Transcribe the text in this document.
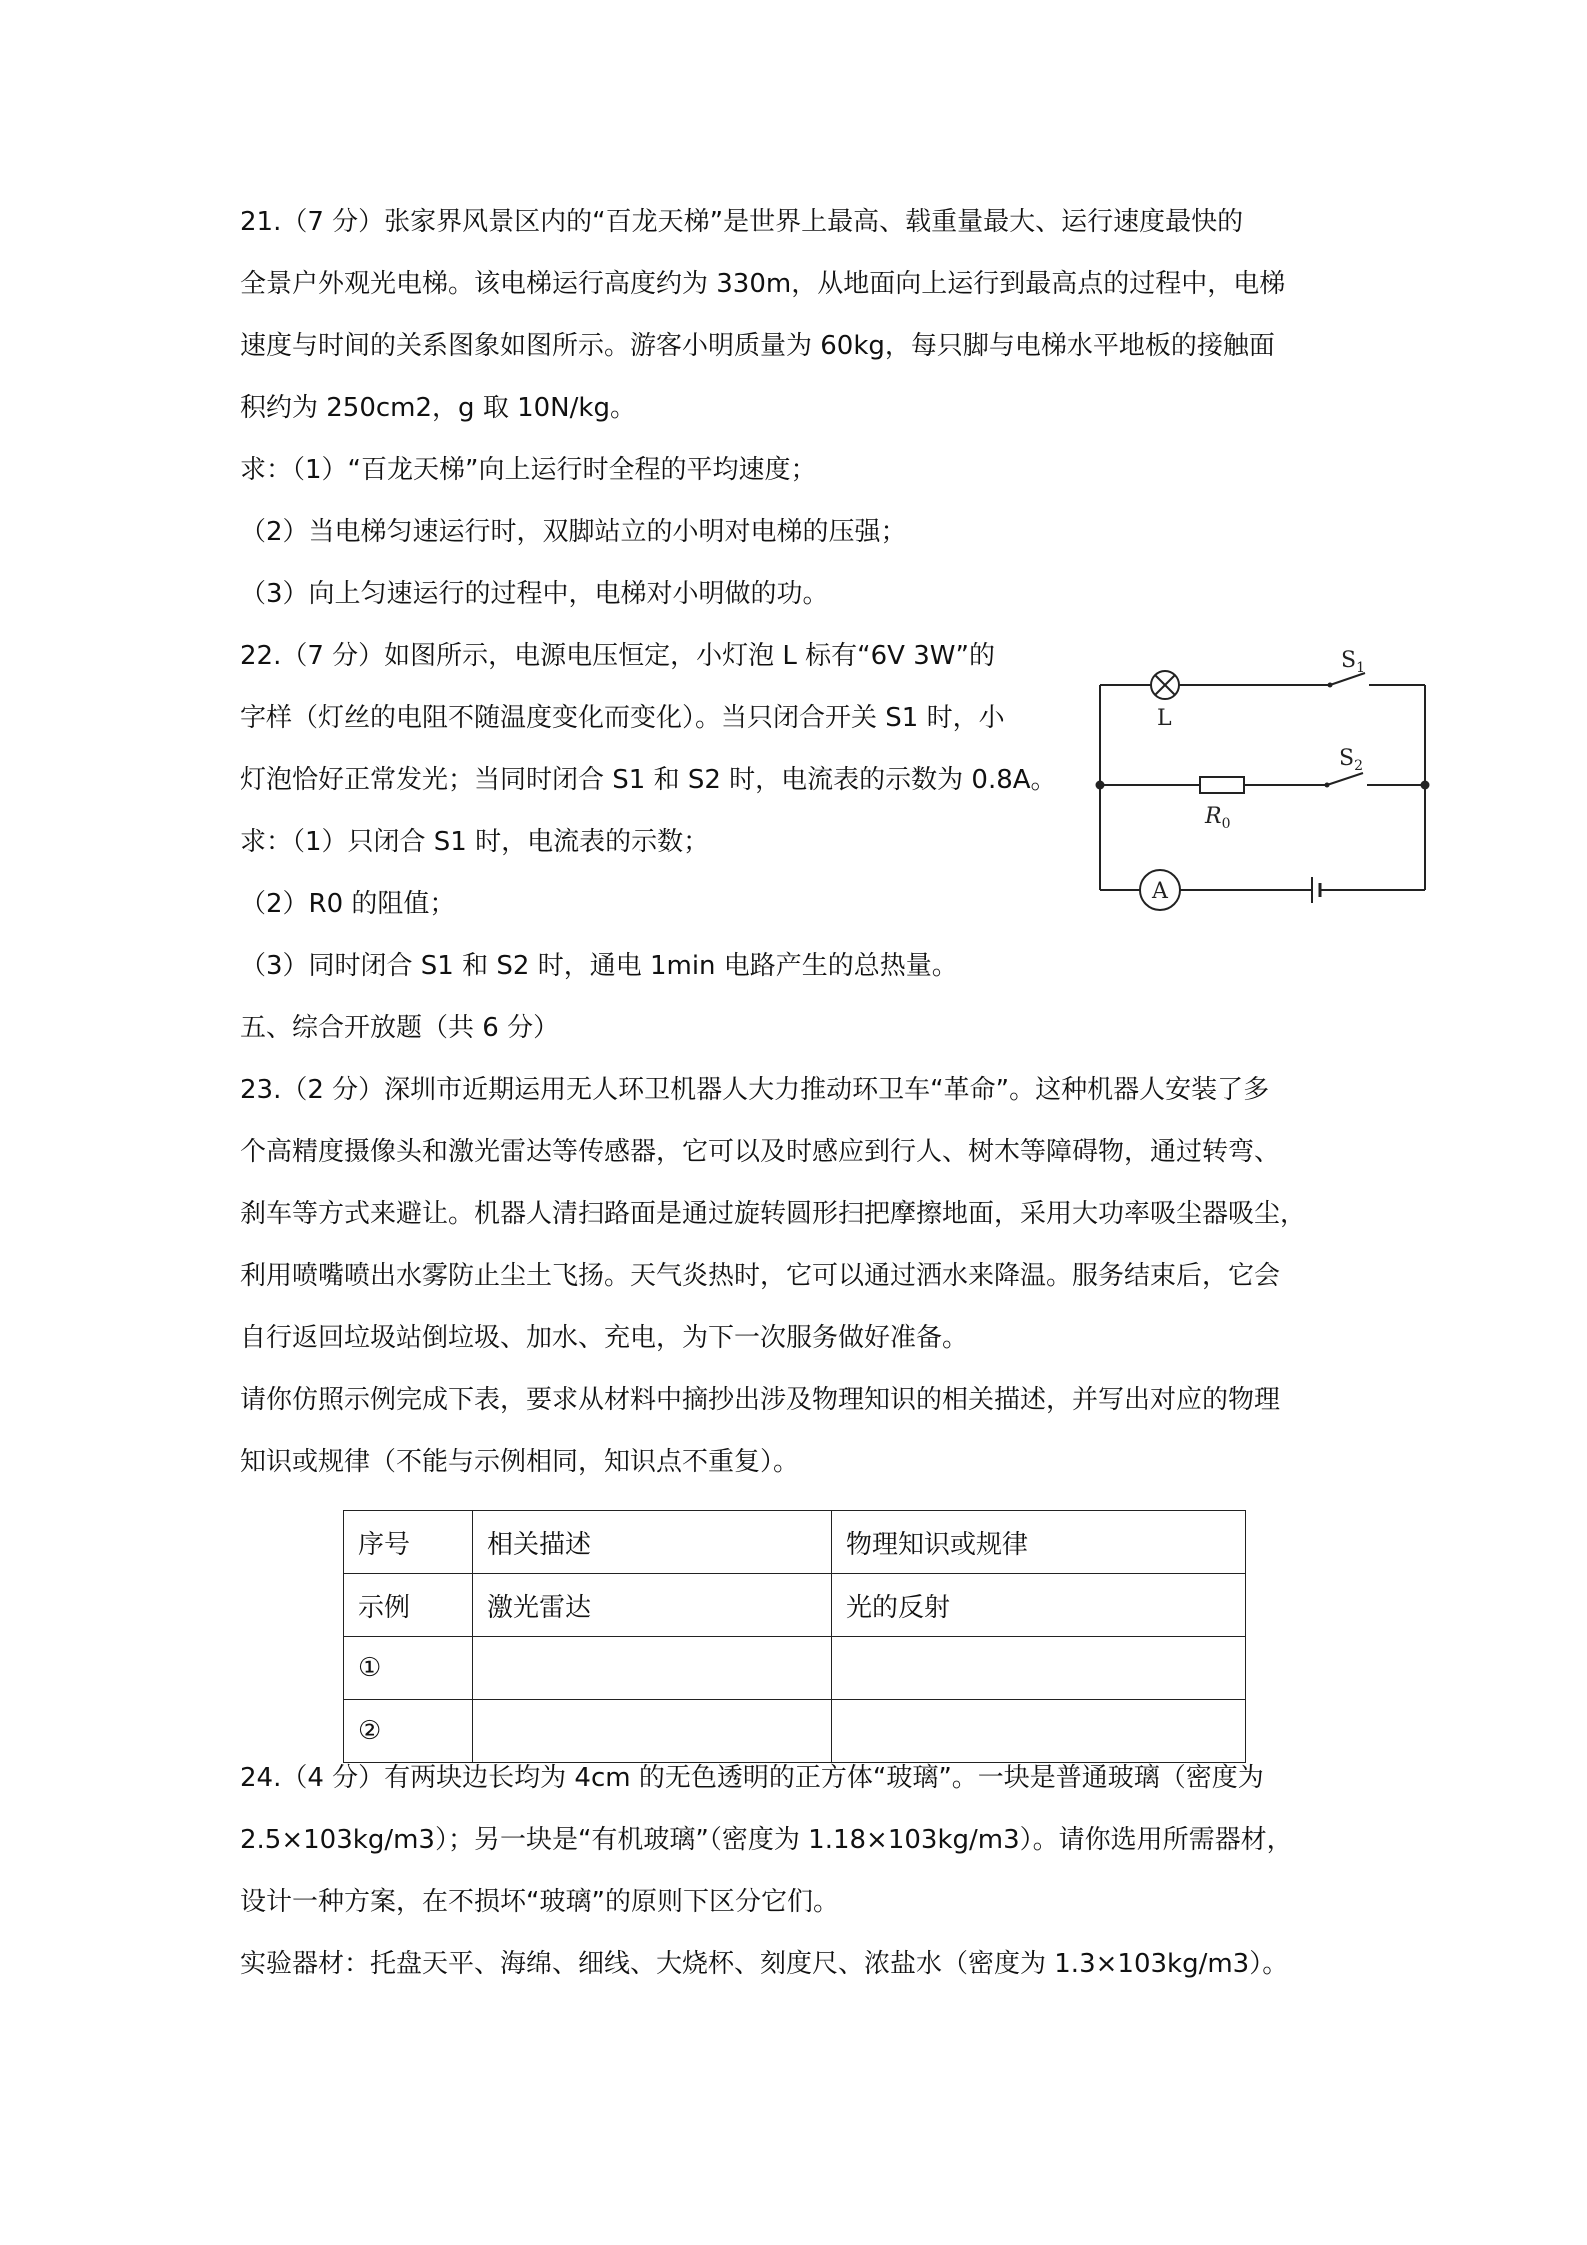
21.（7 分）张家界风景区内的“百龙天梯”是世界上最高、载重量最大、运行速度最快的
全景户外观光电梯。该电梯运行高度约为 330m，从地面向上运行到最高点的过程中，电梯
速度与时间的关系图象如图所示。游客小明质量为 60kg，每只脚与电梯水平地板的接触面
积约为 250cm2，g 取 10N/kg。
求：（1）“百龙天梯”向上运行时全程的平均速度；
（2）当电梯匀速运行时，双脚站立的小明对电梯的压强；
（3）向上匀速运行的过程中，电梯对小明做的功。
22.（7 分）如图所示，电源电压恒定，小灯泡 L 标有“6V 3W”的
字样（灯丝的电阻不随温度变化而变化）。当只闭合开关 S1 时，小
灯泡恰好正常发光；当同时闭合 S1 和 S2 时，电流表的示数为 0.8A。
求：（1）只闭合 S1 时，电流表的示数；
（2）R0 的阻值；
（3）同时闭合 S1 和 S2 时，通电 1min 电路产生的总热量。
五、综合开放题（共 6 分）
23.（2 分）深圳市近期运用无人环卫机器人大力推动环卫车“革命”。这种机器人安装了多
个高精度摄像头和激光雷达等传感器，它可以及时感应到行人、树木等障碍物，通过转弯、
刹车等方式来避让。机器人清扫路面是通过旋转圆形扫把摩擦地面，采用大功率吸尘器吸尘，
利用喷嘴喷出水雾防止尘土飞扬。天气炎热时，它可以通过洒水来降温。服务结束后，它会
自行返回垃圾站倒垃圾、加水、充电，为下一次服务做好准备。
请你仿照示例完成下表，要求从材料中摘抄出涉及物理知识的相关描述，并写出对应的物理
知识或规律（不能与示例相同，知识点不重复）。
序号	相关描述	物理知识或规律
示例	激光雷达	光的反射
①		
②		
24.（4 分）有两块边长均为 4cm 的无色透明的正方体“玻璃”。一块是普通玻璃（密度为
2.5×103kg/m3）；另一块是“有机玻璃”（密度为 1.18×103kg/m3）。请你选用所需器材，
设计一种方案，在不损坏“玻璃”的原则下区分它们。
实验器材：托盘天平、海绵、细线、大烧杯、刻度尺、浓盐水（密度为 1.3×103kg/m3）。
L
$S_1$
$S_2$
$R_0$
A
